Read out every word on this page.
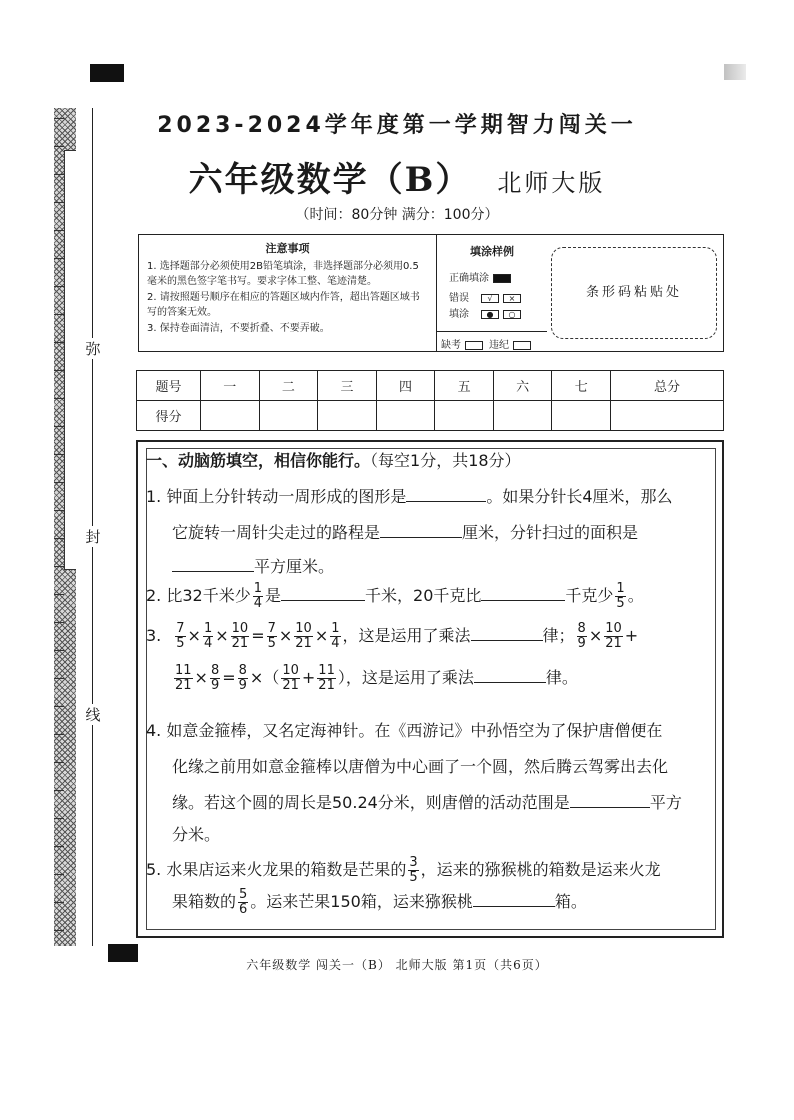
弥
封
线
2023-2024学年度第一学期智力闯关一
六年级数学（B） 北师大版
（时间：80分钟 满分：100分）
注意事项
1. 选择题部分必须使用2B铅笔填涂，非选择题部分必须用0.5毫米的黑色签字笔书写。要求字体工整、笔迹清楚。
2. 请按照题号顺序在相应的答题区域内作答，超出答题区域书写的答案无效。
3. 保持卷面清洁，不要折叠、不要弄破。
填涂样例
正确填涂
错误	√	×
填涂	●	○
缺考	违纪
条形码粘贴处
题号	一	二	三	四	五	六	七	总分
得分								
一、动脑筋填空，相信你能行。（每空1分，共18分）
1. 钟面上分针转动一周形成的图形是	。如果分针长4厘米，那么
它旋转一周针尖走过的路程是	厘米，分针扫过的面积是
平方厘米。
2. 比32千米少 $\frac{1}{4}$ 是	千米，20千克比	千克少 $\frac{1}{5}$ 。
3. $\frac{7}{5} \times \frac{1}{4} \times \frac{10}{21} = \frac{7}{5} \times \frac{10}{21} \times \frac{1}{4}$ ，这是运用了乘法	律； $\frac{8}{9} \times \frac{10}{21}$ +
$\frac{11}{21} \times \frac{8}{9} = \frac{8}{9}$ ×（ $\frac{10}{21} + \frac{11}{21}$ ），这是运用了乘法	律。
4. 如意金箍棒，又名定海神针。在《西游记》中孙悟空为了保护唐僧便在
化缘之前用如意金箍棒以唐僧为中心画了一个圆，然后腾云驾雾出去化
缘。若这个圆的周长是50.24分米，则唐僧的活动范围是	平方
分米。
5. 水果店运来火龙果的箱数是芒果的 $\frac{3}{5}$ ，运来的猕猴桃的箱数是运来火龙
果箱数的 $\frac{5}{6}$ 。运来芒果150箱，运来猕猴桃	箱。
六年级数学 闯关一（B） 北师大版 第1页（共6页）
